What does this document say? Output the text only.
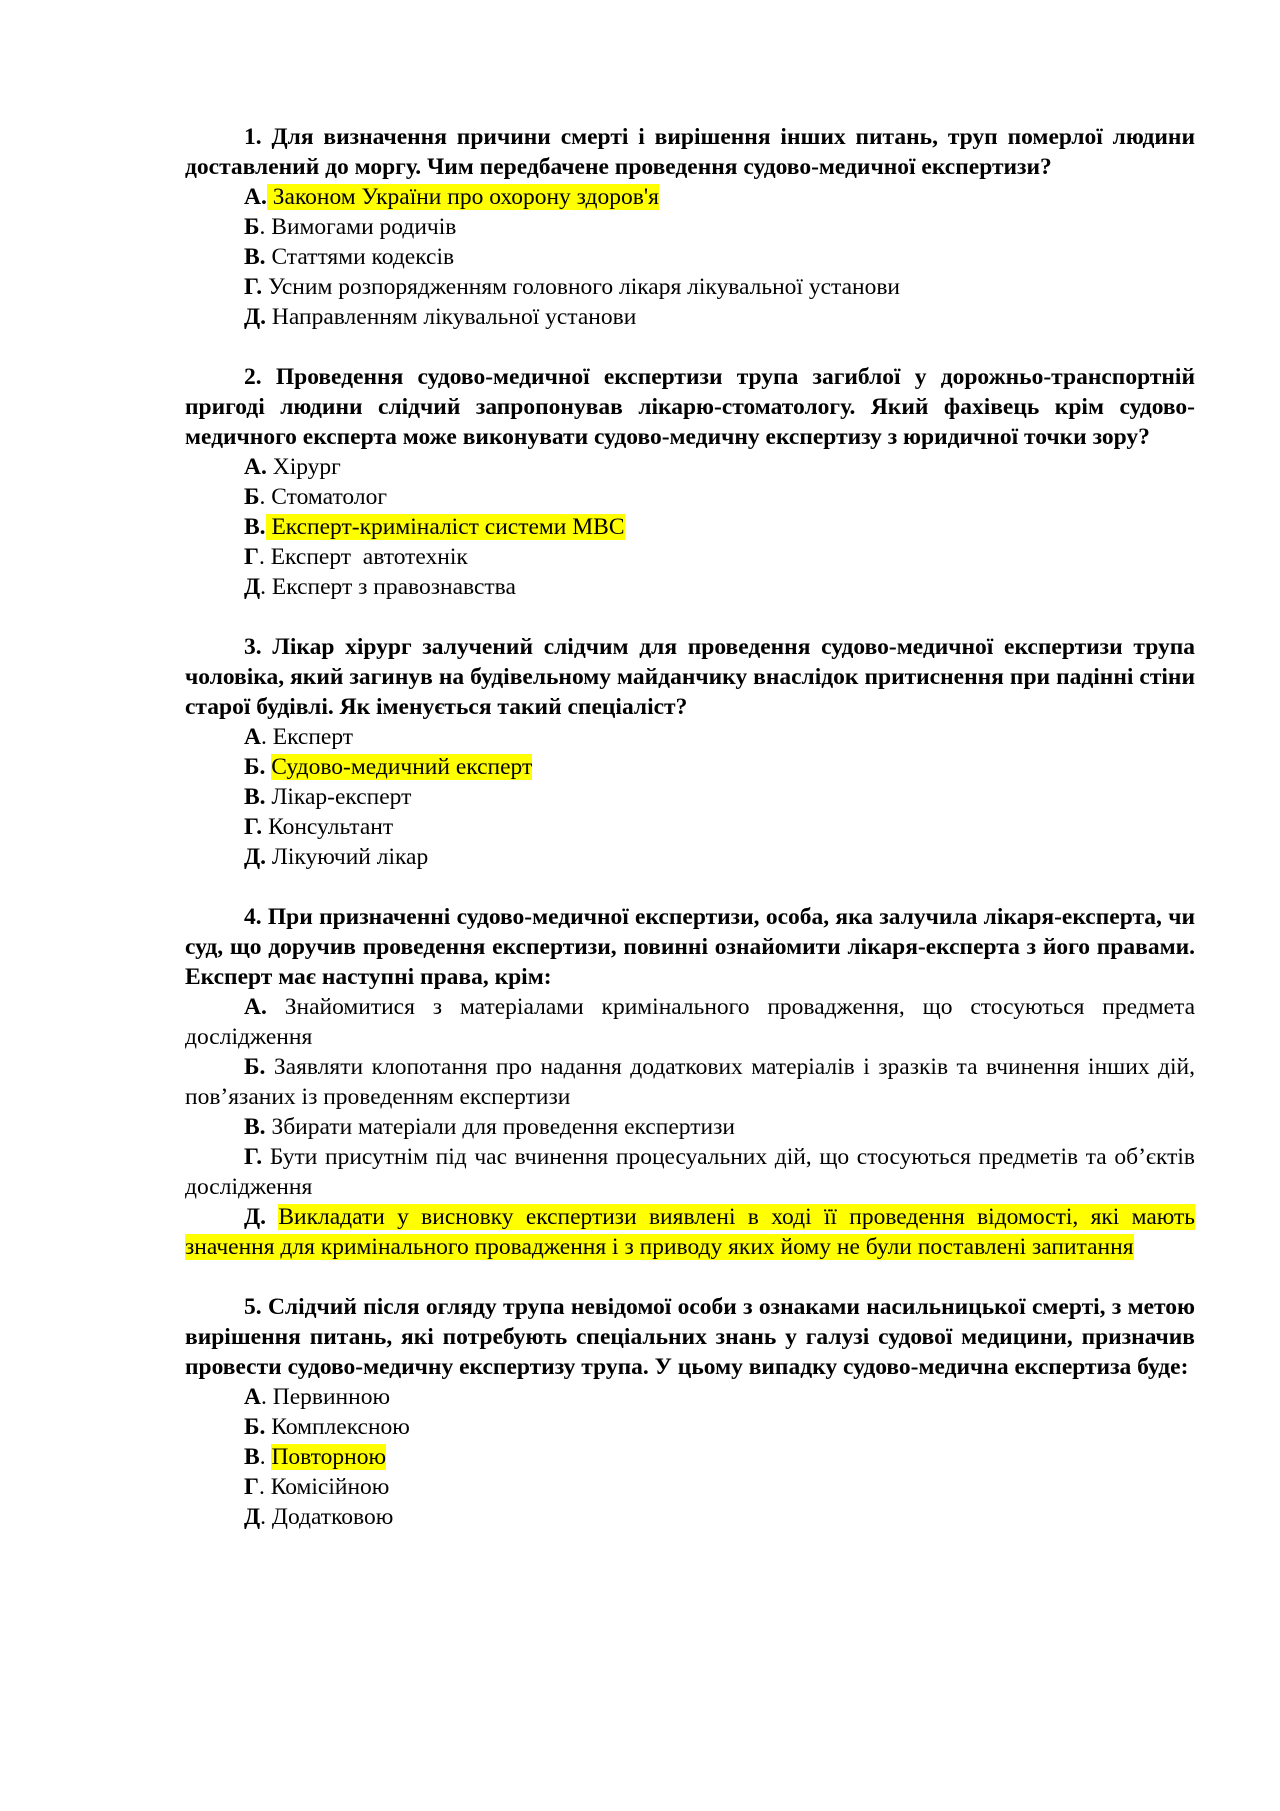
1. Для визначення причини смерті і вирішення інших питань, труп померлої людини доставлений до моргу. Чим передбачене проведення судово-медичної експертизи?

А. Законом України про охорону здоров'я

Б. Вимогами родичів

В. Статтями кодексів

Г. Усним розпорядженням головного лікаря лікувальної установи

Д. Направленням лікувальної установи

2. Проведення судово-медичної експертизи трупа загиблої у дорожньо-транспортній пригоді людини слідчий запропонував лікарю-стоматологу. Який фахівець крім судово-медичного експерта може виконувати судово-медичну експертизу з юридичної точки зору?

А. Хірург

Б. Стоматолог

В. Експерт-криміналіст системи МВС

Г. Експерт  автотехнік

Д. Експерт з правознавства

3. Лікар хірург залучений слідчим для проведення судово-медичної експертизи трупа чоловіка, який загинув на будівельному майданчику внаслідок притиснення при падінні стіни старої будівлі. Як іменується такий спеціаліст?

А. Експерт

Б. Судово-медичний експерт

В. Лікар-експерт

Г. Консультант

Д. Лікуючий лікар

4. При призначенні судово-медичної експертизи, особа, яка залучила лікаря-експерта, чи суд, що доручив проведення експертизи, повинні ознайомити лікаря-експерта з його правами. Експерт має наступні права, крім:

А. Знайомитися з матеріалами кримінального провадження, що стосуються предмета дослідження

Б. Заявляти клопотання про надання додаткових матеріалів і зразків та вчинення інших дій, пов’язаних із проведенням експертизи

В. Збирати матеріали для проведення експертизи

Г. Бути присутнім під час вчинення процесуальних дій, що стосуються предметів та об’єктів дослідження

Д. Викладати у висновку експертизи виявлені в ході її проведення відомості, які мають значення для кримінального провадження і з приводу яких йому не були поставлені запитання

5. Слідчий після огляду трупа невідомої особи з ознаками насильницької смерті, з метою вирішення питань, які потребують спеціальних знань у галузі судової медицини, призначив провести судово-медичну експертизу трупа. У цьому випадку судово-медична експертиза буде:

А. Первинною

Б. Комплексною

В. Повторною

Г. Комісійною

Д. Додатковою
